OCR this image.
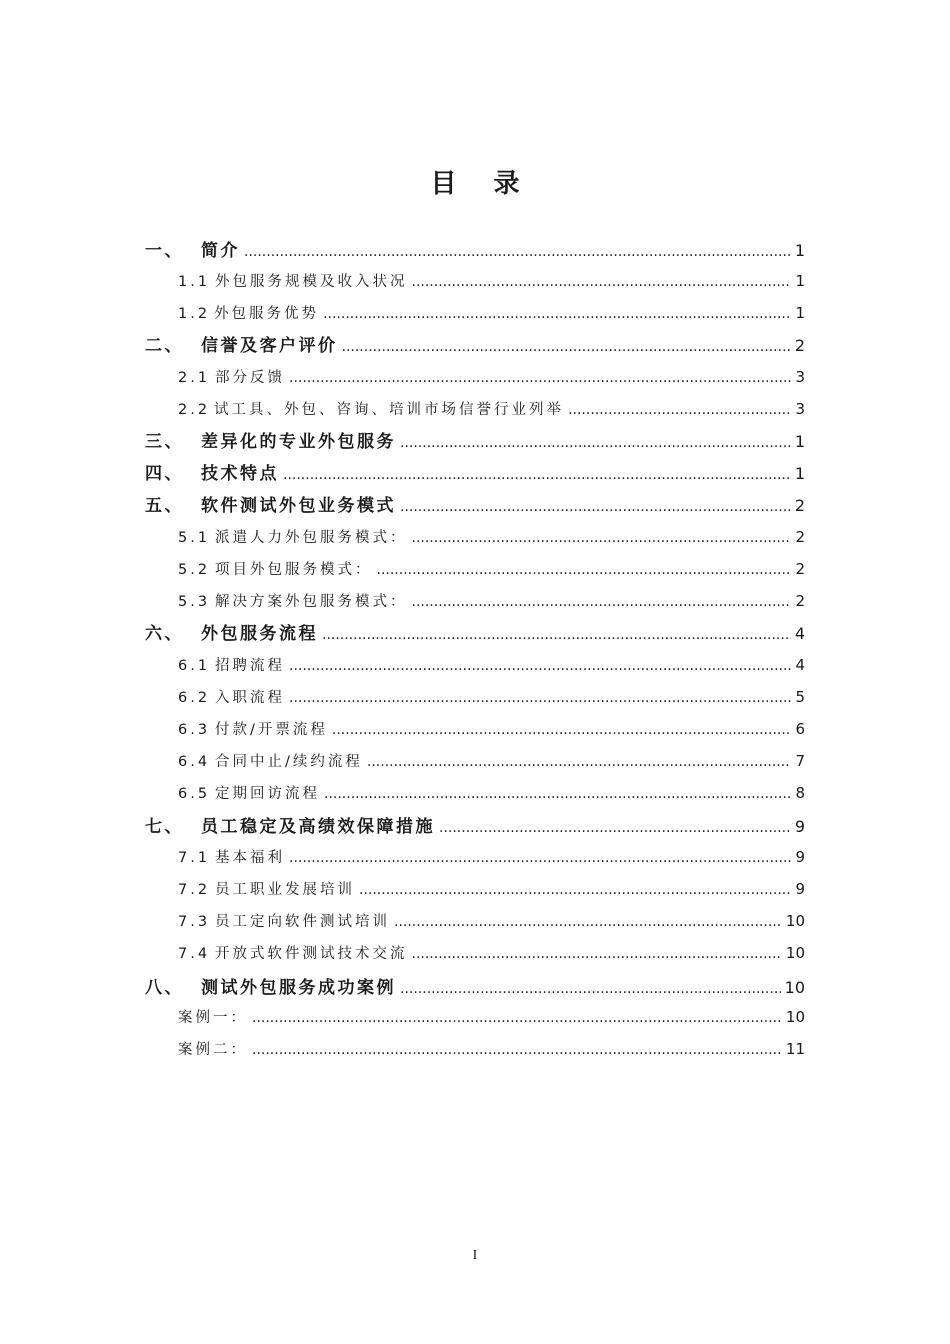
目 录
一、	简介 .....	1
1.1 外包服务规模及收入状况 .....	1
1.2 外包服务优势 .....	1
二、	信誉及客户评价 .....	2
2.1 部分反馈 .....	3
2.2 试工具、外包、咨询、培训市场信誉行业列举 .....	3
三、	差异化的专业外包服务 .....	1
四、	技术特点 .....	1
五、	软件测试外包业务模式 .....	2
5.1 派遣人力外包服务模式： .....	2
5.2 项目外包服务模式： .....	2
5.3 解决方案外包服务模式： .....	2
六、	外包服务流程 .....	4
6.1 招聘流程 .....	4
6.2 入职流程 .....	5
6.3 付款/开票流程 .....	6
6.4 合同中止/续约流程 .....	7
6.5 定期回访流程 .....	8
七、	员工稳定及高绩效保障措施 .....	9
7.1 基本福利 .....	9
7.2 员工职业发展培训 .....	9
7.3 员工定向软件测试培训 .....	10
7.4 开放式软件测试技术交流 .....	10
八、	测试外包服务成功案例 .....	10
案例一： .....	10
案例二： .....	11
I
